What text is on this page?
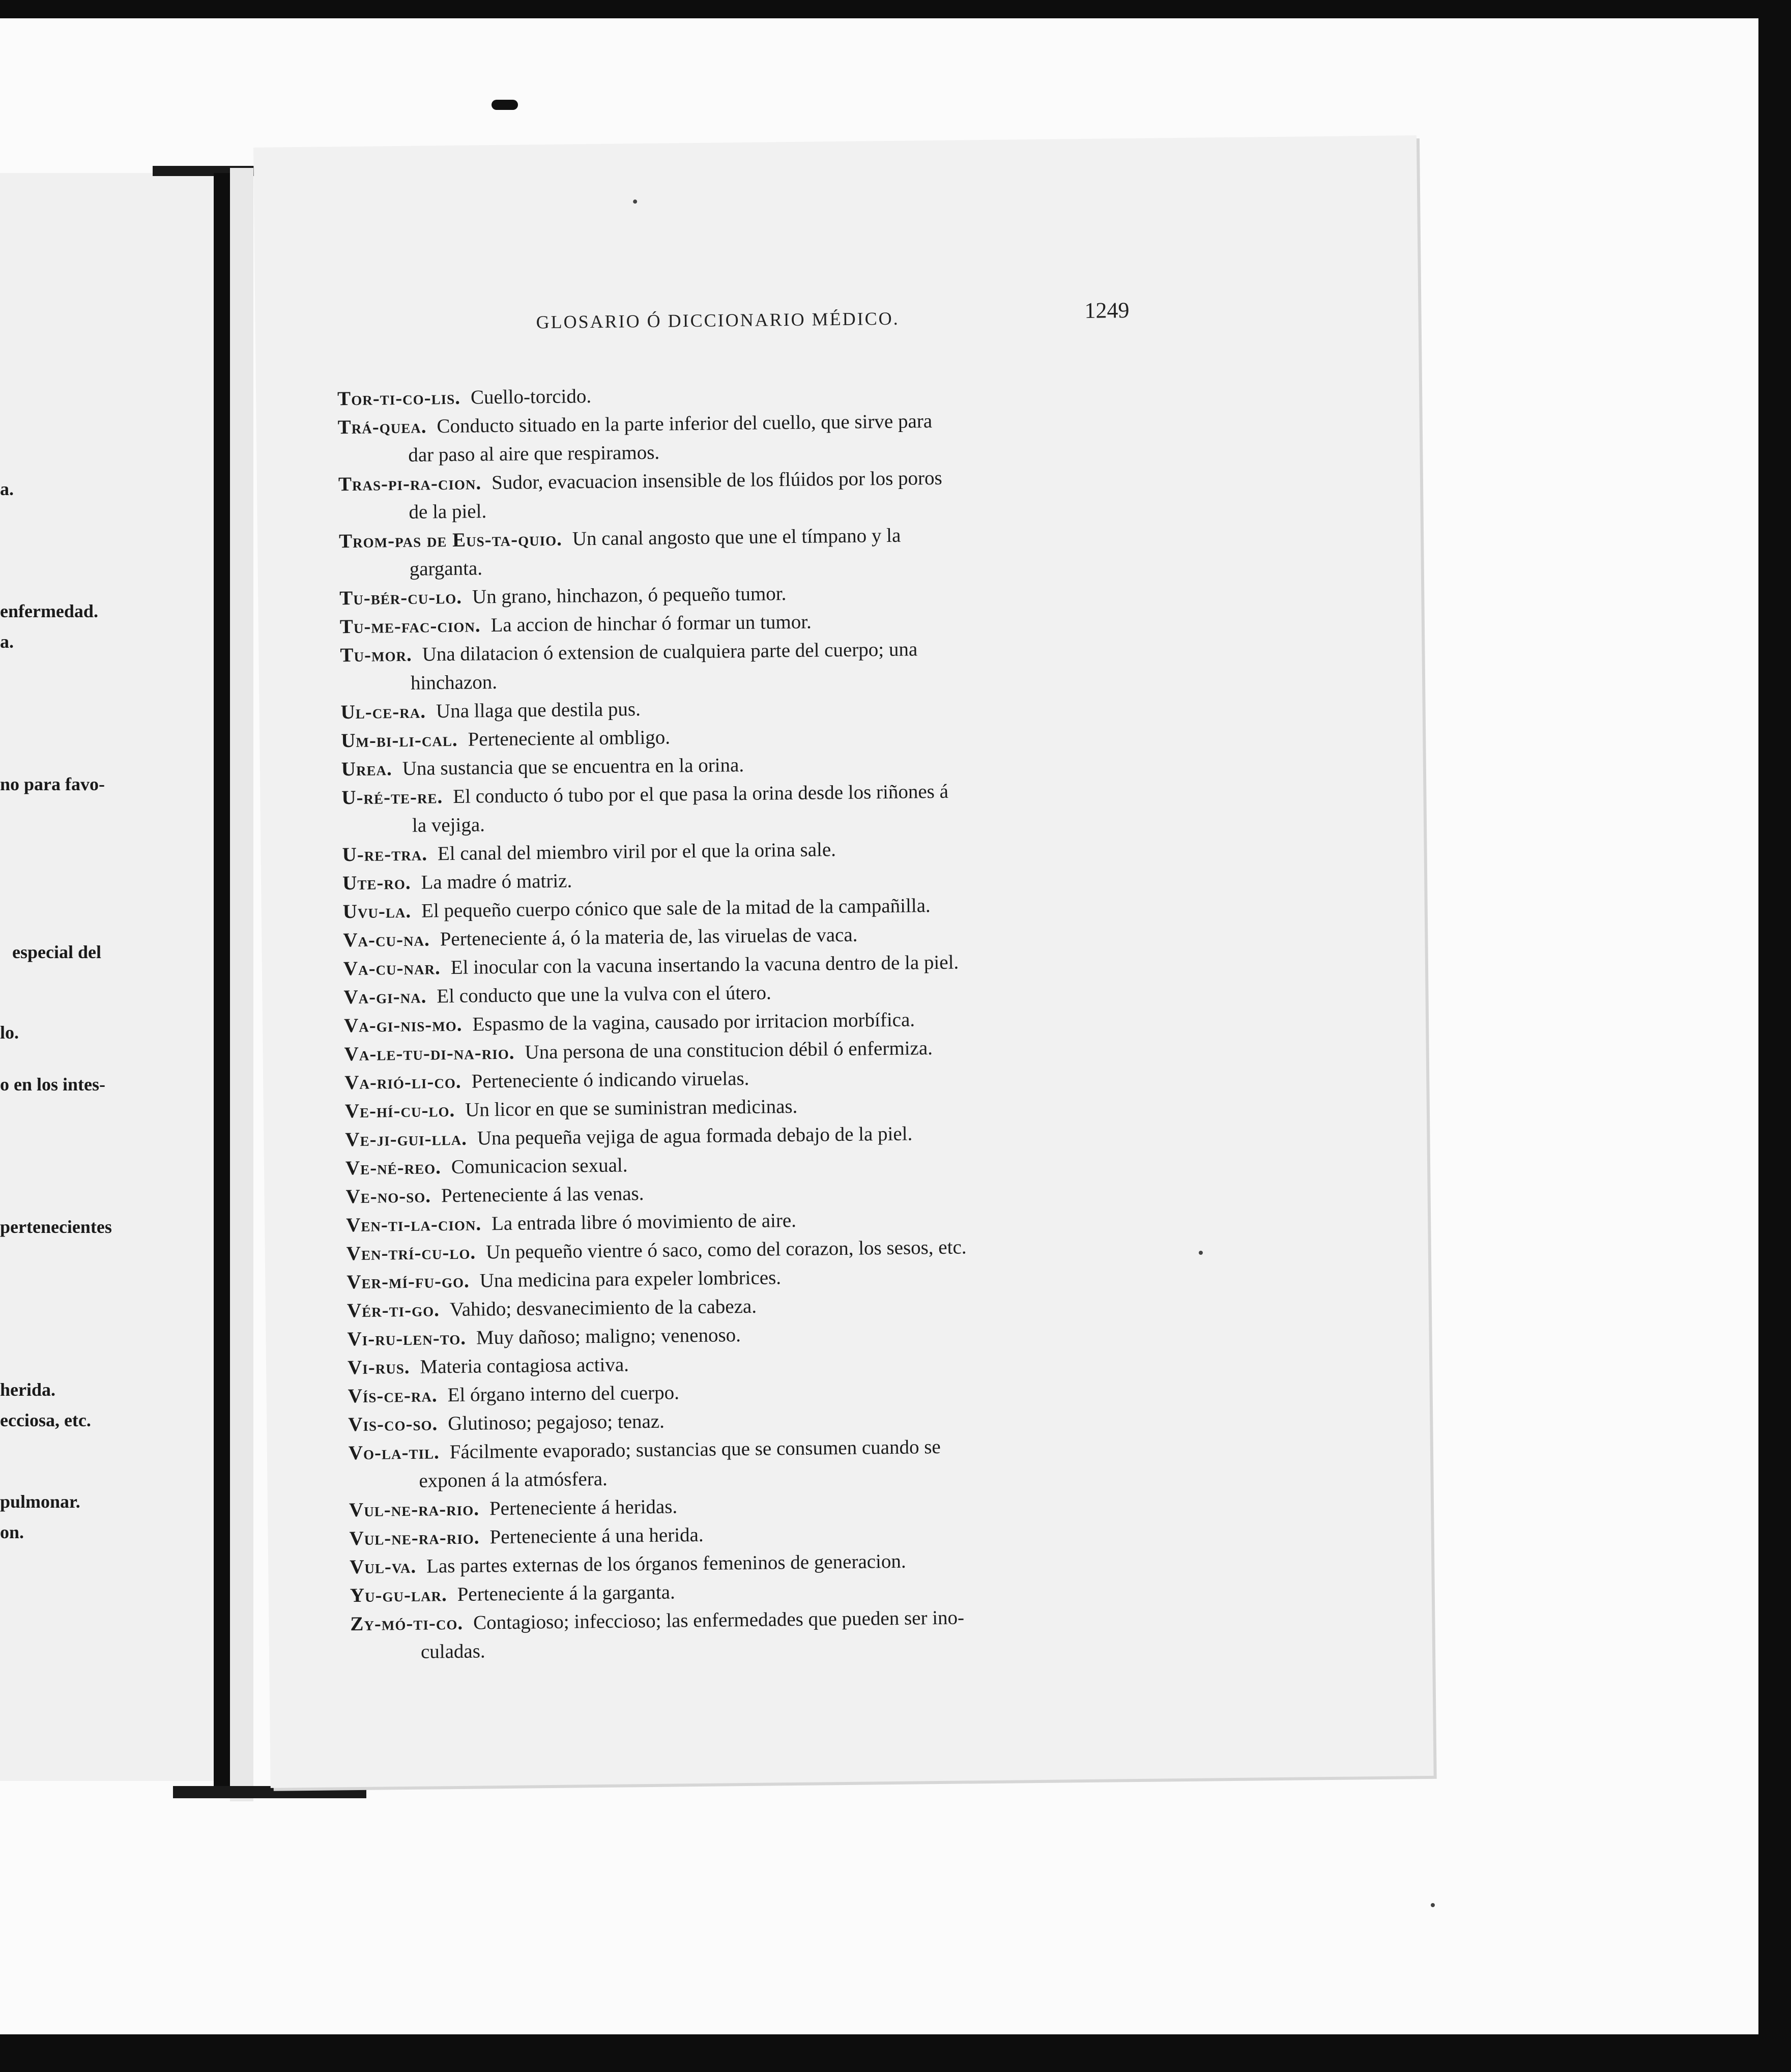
a.
enfermedad.
a.
no para favo-
especial del
lo.
o en los intes-
pertenecientes
herida.
ecciosa, etc.
pulmonar.
on.
GLOSARIO Ó DICCIONARIO MÉDICO.	1249
Tor-ti-co-lis. Cuello-torcido.
Trá-quea. Conducto situado en la parte inferior del cuello, que sirve para
dar paso al aire que respiramos.
Tras-pi-ra-cion. Sudor, evacuacion insensible de los flúidos por los poros
de la piel.
Trom-pas de Eus-ta-quio. Un canal angosto que une el tímpano y la
garganta.
Tu-bér-cu-lo. Un grano, hinchazon, ó pequeño tumor.
Tu-me-fac-cion. La accion de hinchar ó formar un tumor.
Tu-mor. Una dilatacion ó extension de cualquiera parte del cuerpo; una
hinchazon.
Ul-ce-ra. Una llaga que destila pus.
Um-bi-li-cal. Perteneciente al ombligo.
Urea. Una sustancia que se encuentra en la orina.
U-ré-te-re. El conducto ó tubo por el que pasa la orina desde los riñones á
la vejiga.
U-re-tra. El canal del miembro viril por el que la orina sale.
Ute-ro. La madre ó matriz.
Uvu-la. El pequeño cuerpo cónico que sale de la mitad de la campañilla.
Va-cu-na. Perteneciente á, ó la materia de, las viruelas de vaca.
Va-cu-nar. El inocular con la vacuna insertando la vacuna dentro de la piel.
Va-gi-na. El conducto que une la vulva con el útero.
Va-gi-nis-mo. Espasmo de la vagina, causado por irritacion morbífica.
Va-le-tu-di-na-rio. Una persona de una constitucion débil ó enfermiza.
Va-rió-li-co. Perteneciente ó indicando viruelas.
Ve-hí-cu-lo. Un licor en que se suministran medicinas.
Ve-ji-gui-lla. Una pequeña vejiga de agua formada debajo de la piel.
Ve-né-reo. Comunicacion sexual.
Ve-no-so. Perteneciente á las venas.
Ven-ti-la-cion. La entrada libre ó movimiento de aire.
Ven-trí-cu-lo. Un pequeño vientre ó saco, como del corazon, los sesos, etc.
Ver-mí-fu-go. Una medicina para expeler lombrices.
Vér-ti-go. Vahido; desvanecimiento de la cabeza.
Vi-ru-len-to. Muy dañoso; maligno; venenoso.
Vi-rus. Materia contagiosa activa.
Vís-ce-ra. El órgano interno del cuerpo.
Vis-co-so. Glutinoso; pegajoso; tenaz.
Vo-la-til. Fácilmente evaporado; sustancias que se consumen cuando se
exponen á la atmósfera.
Vul-ne-ra-rio. Perteneciente á heridas.
Vul-ne-ra-rio. Perteneciente á una herida.
Vul-va. Las partes externas de los órganos femeninos de generacion.
Yu-gu-lar. Perteneciente á la garganta.
Zy-mó-ti-co. Contagioso; infeccioso; las enfermedades que pueden ser ino-
culadas.
